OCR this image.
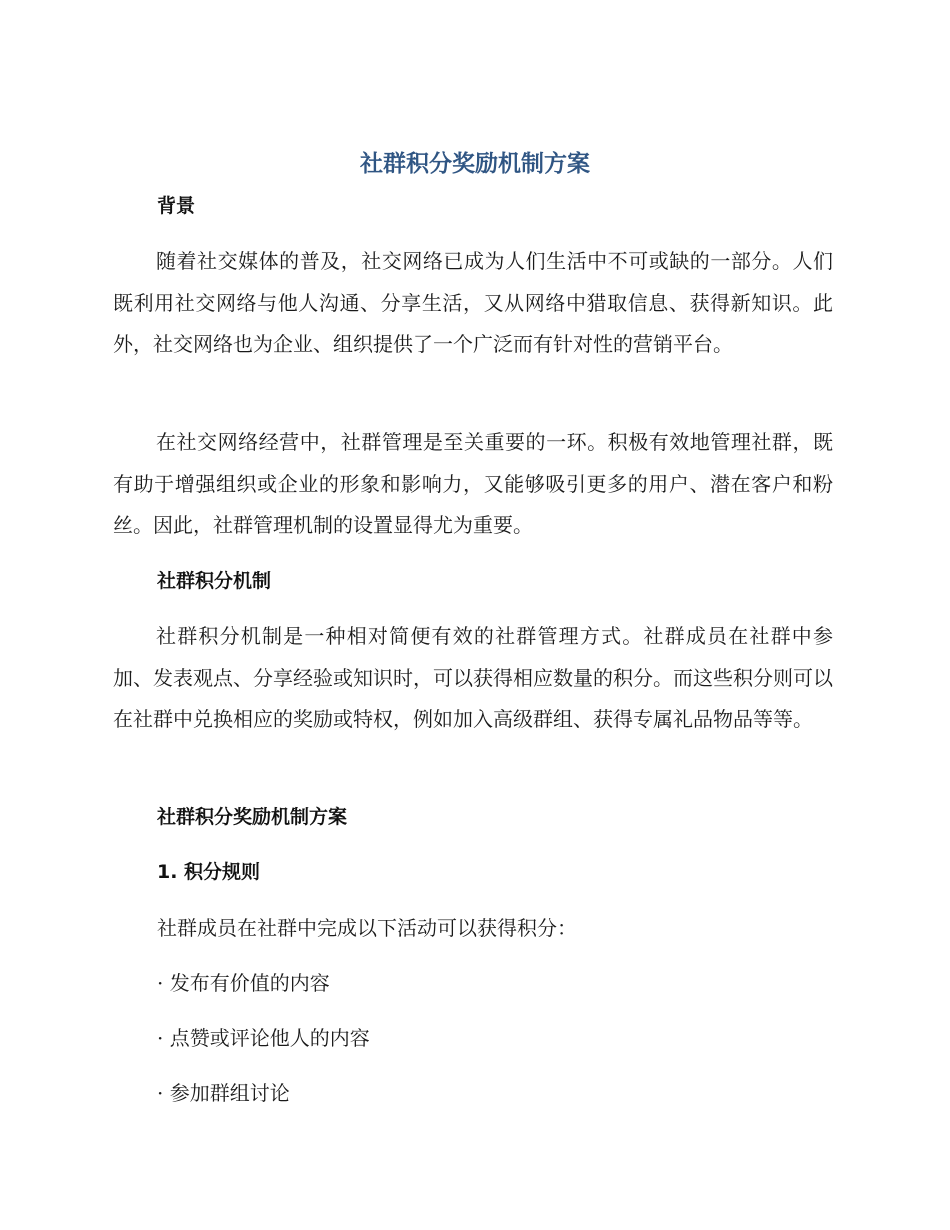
社群积分奖励机制方案
背景

随着社交媒体的普及，社交网络已成为人们生活中不可或缺的一部分。人们既利用社交网络与他人沟通、分享生活，又从网络中猎取信息、获得新知识。此外，社交网络也为企业、组织提供了一个广泛而有针对性的营销平台。

在社交网络经营中，社群管理是至关重要的一环。积极有效地管理社群，既有助于增强组织或企业的形象和影响力，又能够吸引更多的用户、潜在客户和粉丝。因此，社群管理机制的设置显得尤为重要。

社群积分机制

社群积分机制是一种相对简便有效的社群管理方式。社群成员在社群中参加、发表观点、分享经验或知识时，可以获得相应数量的积分。而这些积分则可以在社群中兑换相应的奖励或特权，例如加入高级群组、获得专属礼品物品等等。

社群积分奖励机制方案
1. 积分规则

社群成员在社群中完成以下活动可以获得积分：

· 发布有价值的内容

· 点赞或评论他人的内容

· 参加群组讨论
